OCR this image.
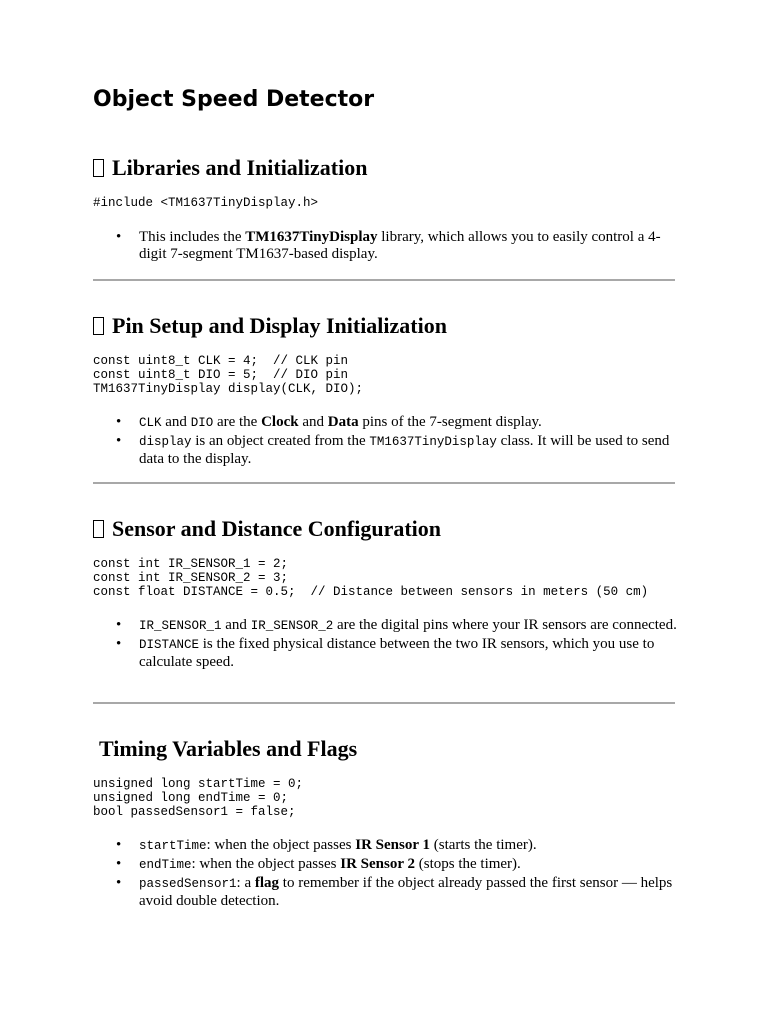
Object Speed Detector
Libraries and Initialization
#include <TM1637TinyDisplay.h>
• This includes the TM1637TinyDisplay library, which allows you to easily control a 4-digit 7-segment TM1637-based display.
Pin Setup and Display Initialization
const uint8_t CLK = 4;  // CLK pin
const uint8_t DIO = 5;  // DIO pin
TM1637TinyDisplay display(CLK, DIO);
• CLK and DIO are the Clock and Data pins of the 7-segment display.
• display is an object created from the TM1637TinyDisplay class. It will be used to send data to the display.
Sensor and Distance Configuration
const int IR_SENSOR_1 = 2;
const int IR_SENSOR_2 = 3;
const float DISTANCE = 0.5;  // Distance between sensors in meters (50 cm)
• IR_SENSOR_1 and IR_SENSOR_2 are the digital pins where your IR sensors are connected.
• DISTANCE is the fixed physical distance between the two IR sensors, which you use to calculate speed.
Timing Variables and Flags
unsigned long startTime = 0;
unsigned long endTime = 0;
bool passedSensor1 = false;
• startTime: when the object passes IR Sensor 1 (starts the timer).
• endTime: when the object passes IR Sensor 2 (stops the timer).
• passedSensor1: a flag to remember if the object already passed the first sensor — helps avoid double detection.
